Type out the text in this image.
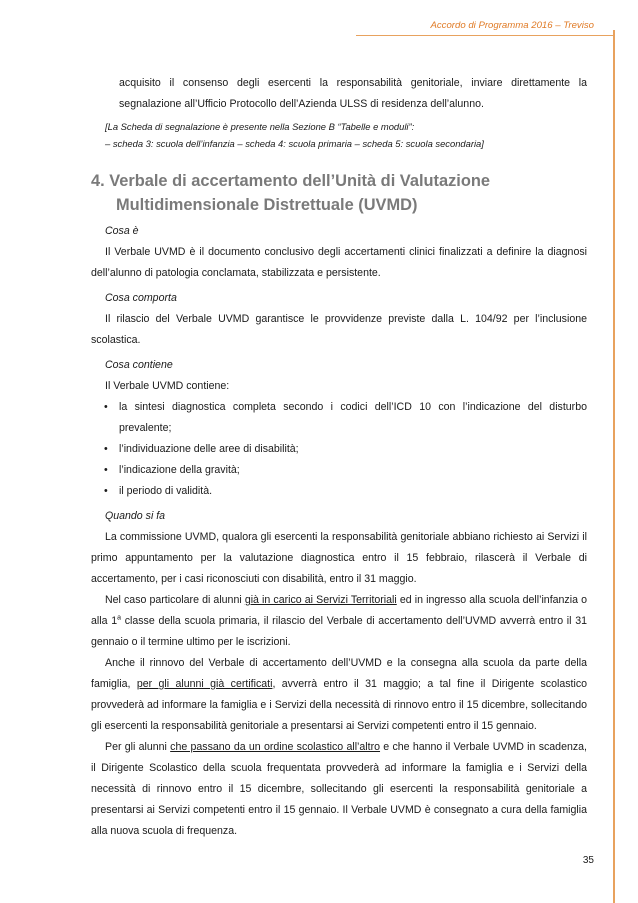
Accordo di Programma 2016 – Treviso

acquisito il consenso degli esercenti la responsabilità genitoriale, inviare direttamente la segnalazione all’Ufficio Protocollo dell’Azienda ULSS di residenza dell’alunno.

[La Scheda di segnalazione è presente nella Sezione B “Tabelle e moduli”:
– scheda 3: scuola dell’infanzia – scheda 4: scuola primaria – scheda 5: scuola secondaria]
4. Verbale di accertamento dell’Unità di Valutazione
Multidimensionale Distrettuale (UVMD)
Cosa è

Il Verbale UVMD è il documento conclusivo degli accertamenti clinici finalizzati a definire la diagnosi dell’alunno di patologia conclamata, stabilizzata e persistente.

Cosa comporta

Il rilascio del Verbale UVMD garantisce le provvidenze previste dalla L. 104/92 per l’inclusione scolastica.

Cosa contiene

Il Verbale UVMD contiene:

• la sintesi diagnostica completa secondo i codici dell’ICD 10 con l’indicazione del disturbo prevalente;
• l’individuazione delle aree di disabilità;
• l’indicazione della gravità;
• il periodo di validità.
Quando si fa

La commissione UVMD, qualora gli esercenti la responsabilità genitoriale abbiano richiesto ai Servizi il primo appuntamento per la valutazione diagnostica entro il 15 febbraio, rilascerà il Verbale di accertamento, per i casi riconosciuti con disabilità, entro il 31 maggio.

Nel caso particolare di alunni già in carico ai Servizi Territoriali ed in ingresso alla scuola dell’infanzia o alla 1$^a$ classe della scuola primaria, il rilascio del Verbale di accertamento dell’UVMD avverrà entro il 31 gennaio o il termine ultimo per le iscrizioni.

Anche il rinnovo del Verbale di accertamento dell’UVMD e la consegna alla scuola da parte della famiglia, per gli alunni già certificati, avverrà entro il 31 maggio; a tal fine il Dirigente scolastico provvederà ad informare la famiglia e i Servizi della necessità di rinnovo entro il 15 dicembre, sollecitando gli esercenti la responsabilità genitoriale a presentarsi ai Servizi competenti entro il 15 gennaio.

Per gli alunni che passano da un ordine scolastico all’altro e che hanno il Verbale UVMD in scadenza, il Dirigente Scolastico della scuola frequentata provvederà ad informare la famiglia e i Servizi della necessità di rinnovo entro il 15 dicembre, sollecitando gli esercenti la responsabilità genitoriale a presentarsi ai Servizi competenti entro il 15 gennaio. Il Verbale UVMD è consegnato a cura della famiglia alla nuova scuola di frequenza.

35
